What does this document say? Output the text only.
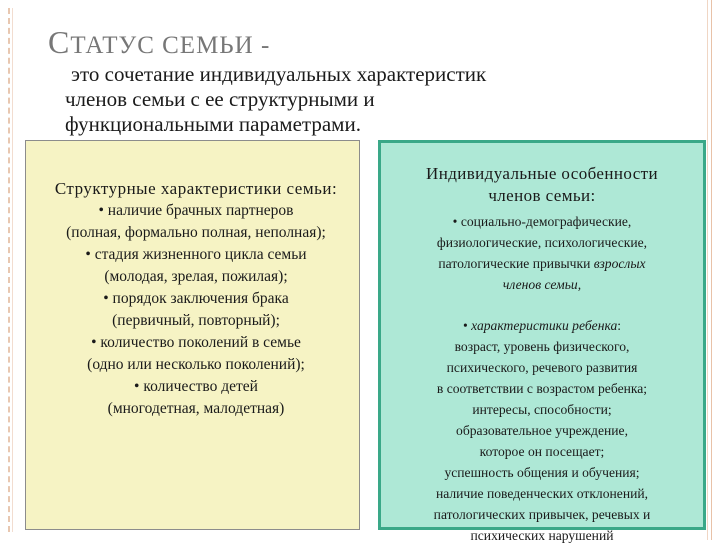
СТАТУС СЕМЬИ -
это сочетание индивидуальных характеристик
членов семьи с ее структурными и
функциональными параметрами.
Структурные характеристики семьи:
• наличие брачных партнеров
(полная, формально полная, неполная);
• стадия жизненного цикла семьи
(молодая, зрелая, пожилая);
• порядок заключения брака
(первичный, повторный);
• количество поколений в семье
(одно или несколько поколений);
• количество детей
(многодетная, малодетная)
Индивидуальные особенности
членов семьи:
• социально-демографические,
физиологические, психологические,
патологические привычки взрослых
членов семьи,
• характеристики ребенка:
возраст, уровень физического,
психического, речевого развития
в соответствии с возрастом ребенка;
интересы, способности;
образовательное учреждение,
которое он посещает;
успешность общения и обучения;
наличие поведенческих отклонений,
патологических привычек, речевых и
психических нарушений
